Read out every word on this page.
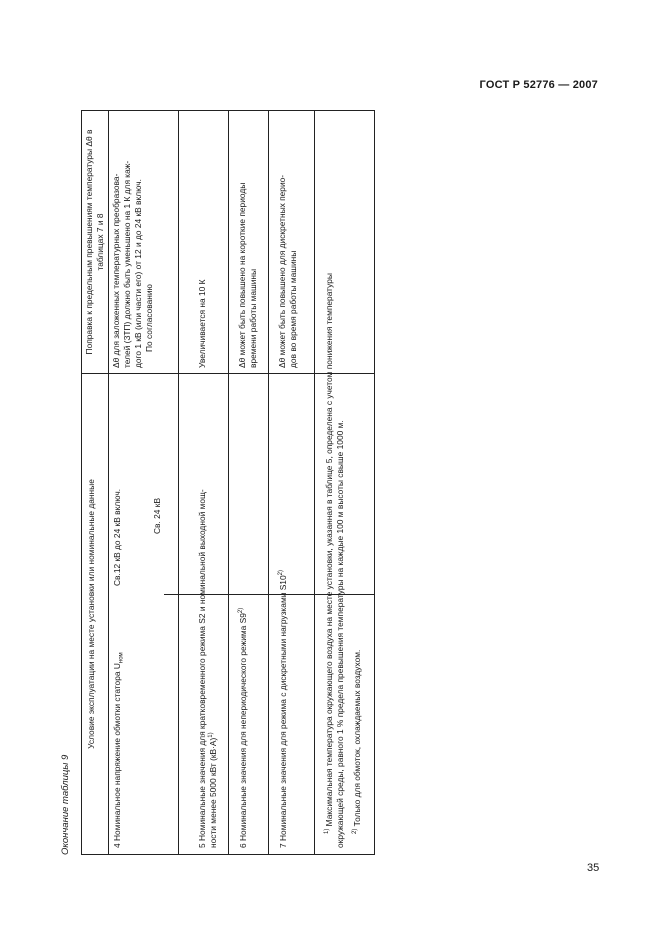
ГОСТ Р 52776 — 2007
Окончание таблицы 9
Условие эксплуатации на месте установки или номинальные данные
Поправка к предельным превышениям температуры Δθ в таблицах 7 и 8
4 Номинальное напряжение обмотки статора $U_{ном}$
Св.12 кВ до 24 кВ включ.	Св. 24 кВ
Δθ для заложенных температурных преобразова- телей (ЗТП) должно быть уменьшено на 1 К для каж- дого 1 кВ (или части его) от 12 и до 24 кВ включ. По согласованию
5 Номинальные значения для кратковременного режима S2 и номинальной выходной мощ- ности менее 5000 кВт $(кВ\cdot А)^{1)}$
Увеличивается на 10 К
6 Номинальные значения для непериодического режима S9$^{2)}$
Δθ может быть повышено на короткие периоды времени работы машины
7 Номинальные значения для режима с дискретными нагрузками S10$^{2)}$
Δθ может быть повышено для дискретных перио- дов во время работы машины
$^{1)}$ Максимальная температура окружающего воздуха на месте установки, указанная в таблице 5, определена с учетом понижения температуры окружающей среды, равного 1 % предела превышения температуры на каждые 100 м высоты свыше 1000 м. $^{2)}$ Только для обмоток, охлаждаемых воздухом.
35
